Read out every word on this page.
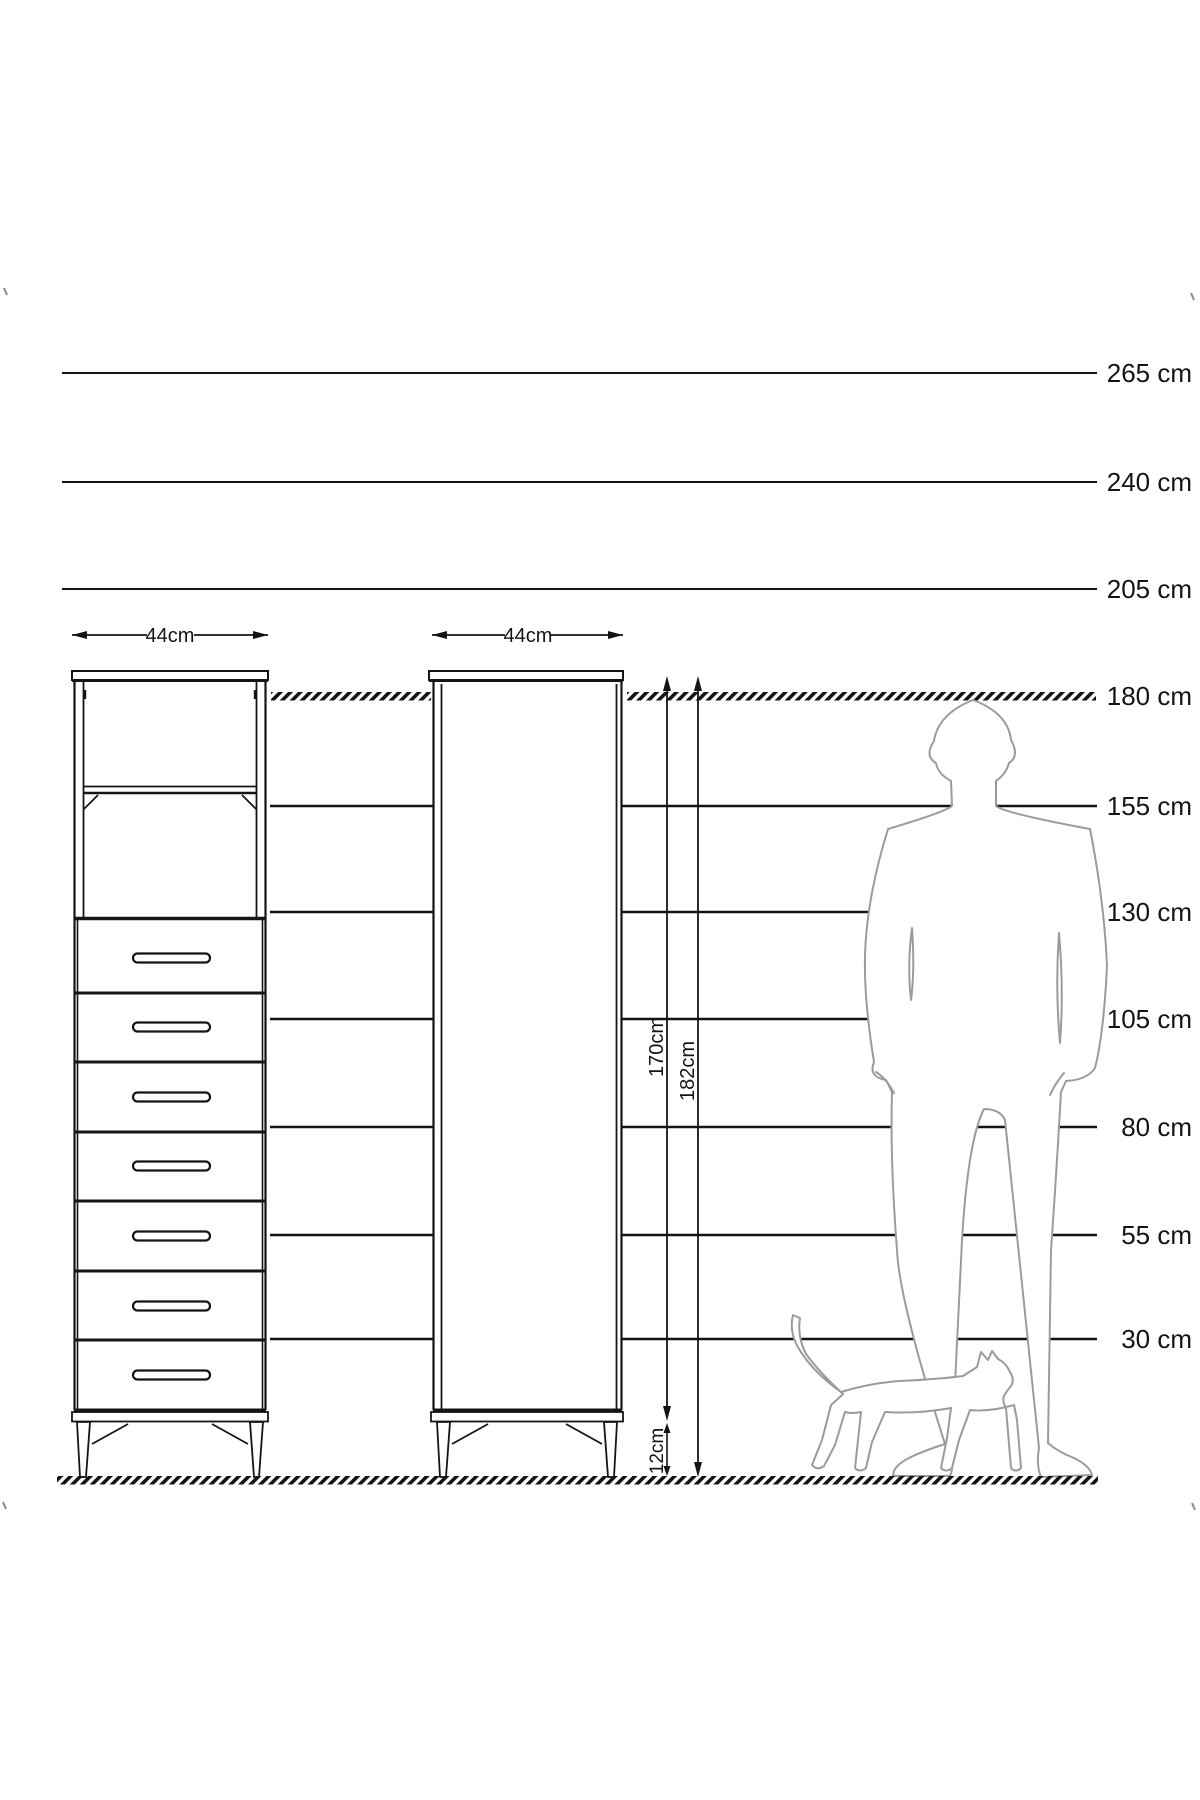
44cm	44cm
170cm 182cm
12cm
265 cm
240 cm
205 cm
180 cm
155 cm
130 cm
105 cm
80 cm
55 cm
30 cm
